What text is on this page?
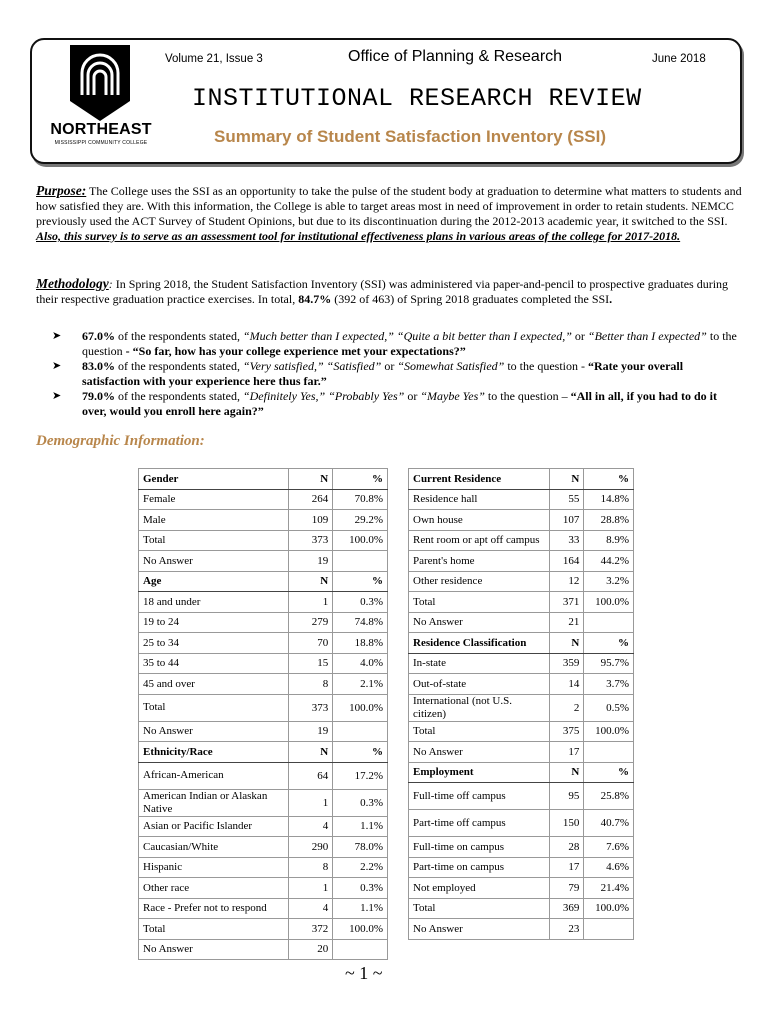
NORTHEAST
MISSISSIPPI COMMUNITY COLLEGE
Volume 21, Issue 3	Office of Planning & Research	June 2018
INSTITUTIONAL RESEARCH REVIEW
Summary of Student Satisfaction Inventory (SSI)

Purpose: The College uses the SSI as an opportunity to take the pulse of the student body at graduation to determine what matters to students and how satisfied they are. With this information, the College is able to target areas most in need of improvement in order to retain students. NEMCC previously used the ACT Survey of Student Opinions, but due to its discontinuation during the 2012-2013 academic year, it switched to the SSI. Also, this survey is to serve as an assessment tool for institutional effectiveness plans in various areas of the college for 2017-2018.

Methodology: In Spring 2018, the Student Satisfaction Inventory (SSI) was administered via paper-and-pencil to prospective graduates during their respective graduation practice exercises. In total, 84.7% (392 of 463) of Spring 2018 graduates completed the SSI.

➤ 67.0% of the respondents stated, “Much better than I expected,” “Quite a bit better than I expected,” or “Better than I expected” to the question - “So far, how has your college experience met your expectations?”
➤ 83.0% of the respondents stated, “Very satisfied,” “Satisfied” or “Somewhat Satisfied” to the question - “Rate your overall satisfaction with your experience here thus far.”
➤ 79.0% of the respondents stated, “Definitely Yes,” “Probably Yes” or “Maybe Yes” to the question – “All in all, if you had to do it over, would you enroll here again?”
Demographic Information:
Gender	N	%
Female	264	70.8%
Male	109	29.2%
Total	373	100.0%
No Answer	19	
Age	N	%
18 and under	1	0.3%
19 to 24	279	74.8%
25 to 34	70	18.8%
35 to 44	15	4.0%
45 and over	8	2.1%
Total	373	100.0%
No Answer	19	
Ethnicity/Race	N	%
African-American	64	17.2%
American Indian or Alaskan Native	1	0.3%
Asian or Pacific Islander	4	1.1%
Caucasian/White	290	78.0%
Hispanic	8	2.2%
Other race	1	0.3%
Race - Prefer not to respond	4	1.1%
Total	372	100.0%
No Answer	20	
Current Residence	N	%
Residence hall	55	14.8%
Own house	107	28.8%
Rent room or apt off campus	33	8.9%
Parent's home	164	44.2%
Other residence	12	3.2%
Total	371	100.0%
No Answer	21	
Residence Classification	N	%
In-state	359	95.7%
Out-of-state	14	3.7%
International (not U.S. citizen)	2	0.5%
Total	375	100.0%
No Answer	17	
Employment	N	%
Full-time off campus	95	25.8%
Part-time off campus	150	40.7%
Full-time on campus	28	7.6%
Part-time on campus	17	4.6%
Not employed	79	21.4%
Total	369	100.0%
No Answer	23	
~ 1 ~
